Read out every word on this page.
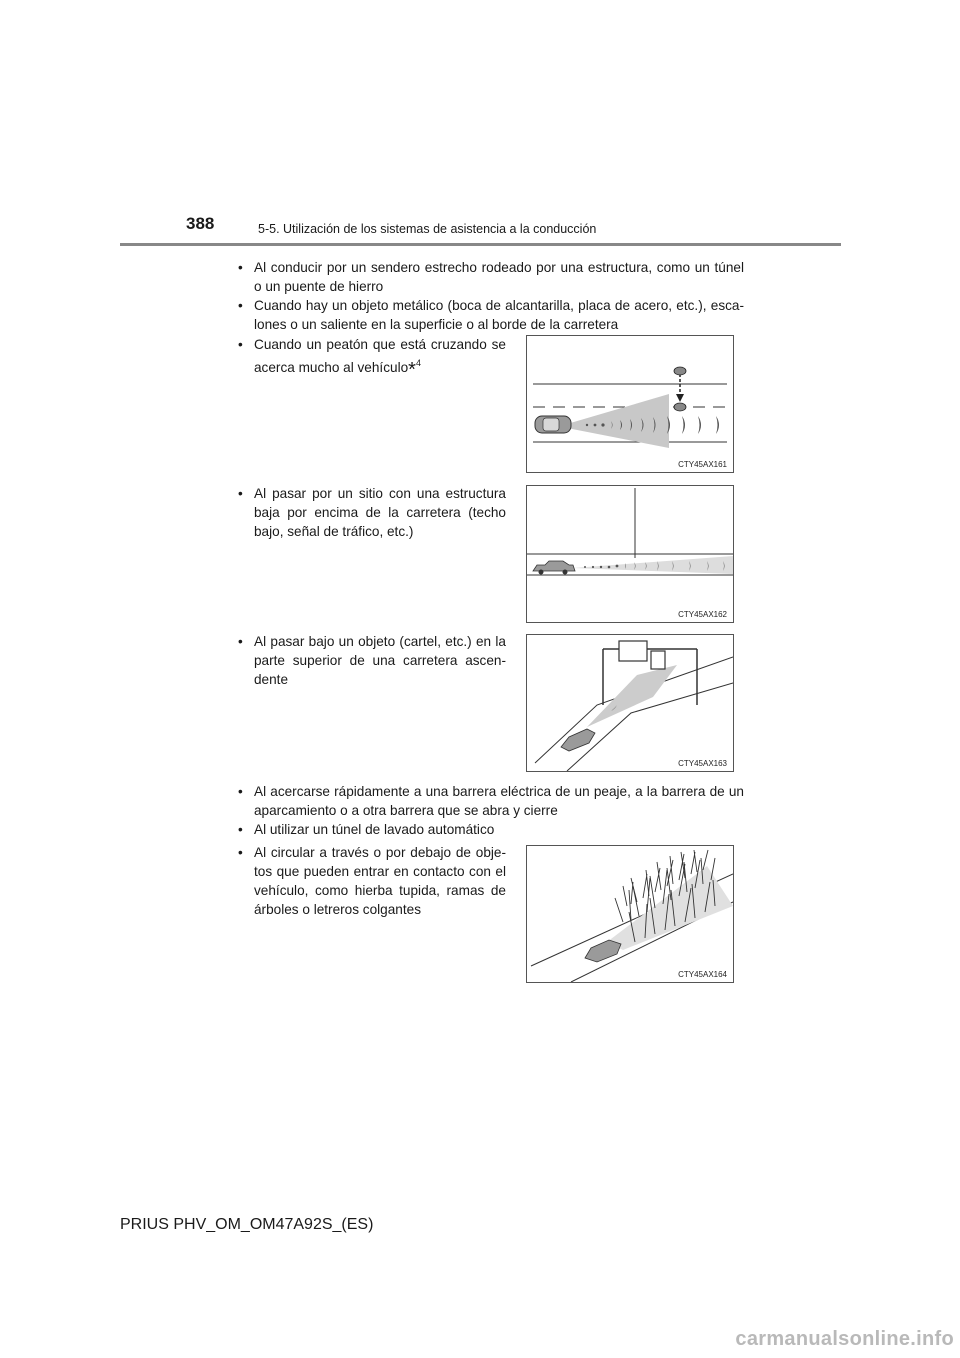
388	5-5. Utilización de los sistemas de asistencia a la conducción
• Al conducir por un sendero estrecho rodeado por una estructura, como un túnel o un puente de hierro
• Cuando hay un objeto metálico (boca de alcantarilla, placa de acero, etc.), esca-lones o un saliente en la superficie o al borde de la carretera
• Cuando un peatón que está cruzando se acerca mucho al vehículo$^{*4}$
CTY45AX161
• Al pasar por un sitio con una estructura baja por encima de la carretera (techo bajo, señal de tráfico, etc.)
CTY45AX162
• Al pasar bajo un objeto (cartel, etc.) en la parte superior de una carretera ascen-dente
CTY45AX163
• Al acercarse rápidamente a una barrera eléctrica de un peaje, a la barrera de un aparcamiento o a otra barrera que se abra y cierre
• Al utilizar un túnel de lavado automático
• Al circular a través o por debajo de obje-tos que pueden entrar en contacto con el vehículo, como hierba tupida, ramas de árboles o letreros colgantes
CTY45AX164
PRIUS PHV_OM_OM47A92S_(ES)
carmanualsonline.info
